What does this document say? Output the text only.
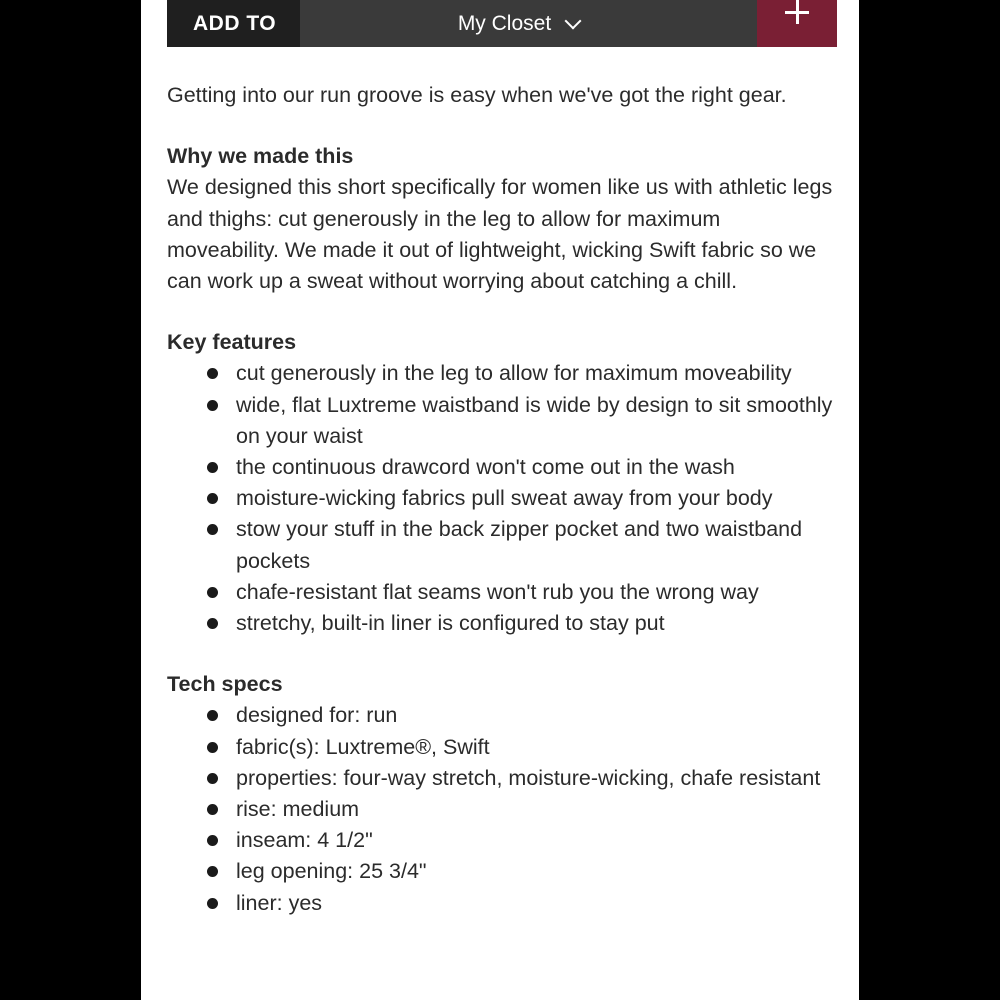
ADD TO	My Closet

Getting into our run groove is easy when we've got the right gear.

Why we made this

We designed this short specifically for women like us with athletic legs and thighs: cut generously in the leg to allow for maximum moveability. We made it out of lightweight, wicking Swift fabric so we can work up a sweat without worrying about catching a chill.

Key features

cut generously in the leg to allow for maximum moveability
wide, flat Luxtreme waistband is wide by design to sit smoothly on your waist
the continuous drawcord won't come out in the wash
moisture-wicking fabrics pull sweat away from your body
stow your stuff in the back zipper pocket and two waistband pockets
chafe-resistant flat seams won't rub you the wrong way
stretchy, built-in liner is configured to stay put

Tech specs

designed for: run
fabric(s): Luxtreme®, Swift
properties: four-way stretch, moisture-wicking, chafe resistant
rise: medium
inseam: 4 1/2"
leg opening: 25 3/4"
liner: yes
